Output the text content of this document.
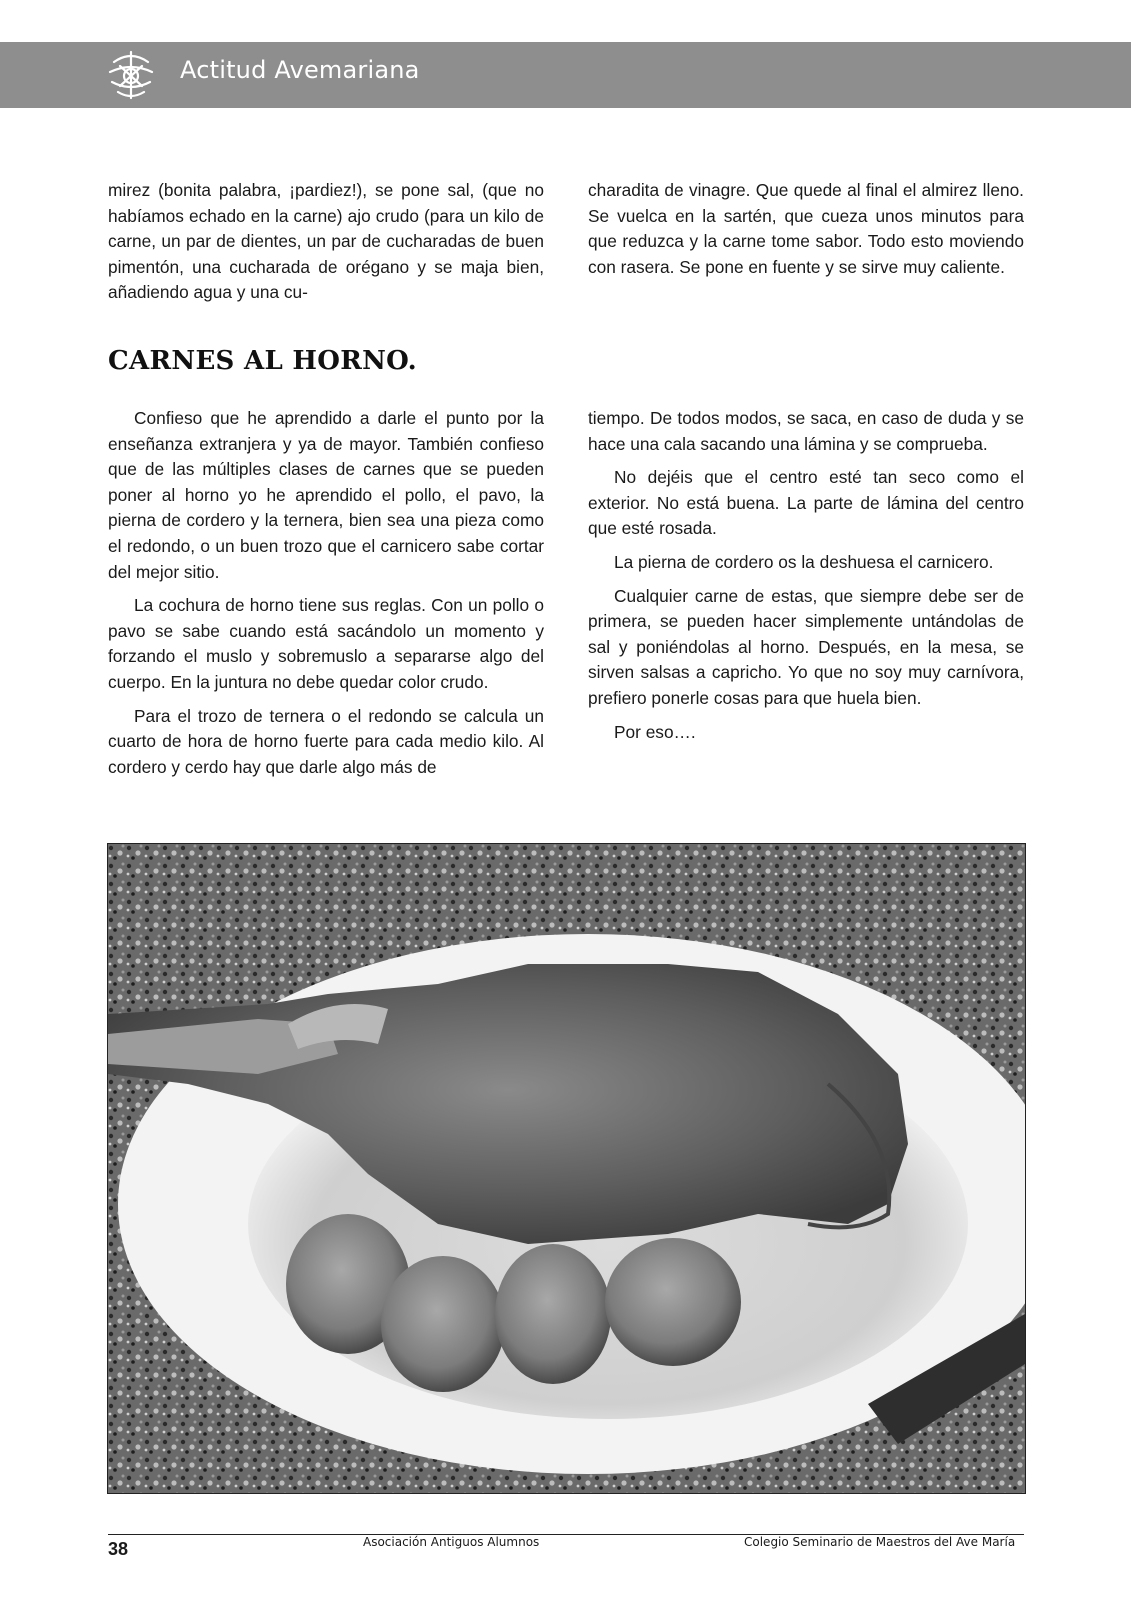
Actitud Avemariana

mirez (bonita palabra, ¡pardiez!), se pone sal, (que no habíamos echado en la carne) ajo crudo (para un kilo de carne, un par de dientes, un par de cucharadas de buen pimentón, una cucharada de orégano y se maja bien, añadiendo agua y una cu-

charadita de vinagre. Que quede al final el almirez lleno. Se vuelca en la sartén, que cueza unos minutos para que reduzca y la carne tome sabor. Todo esto moviendo con rasera. Se pone en fuente y se sirve muy caliente.

CARNES AL HORNO.

Confieso que he aprendido a darle el punto por la enseñanza extranjera y ya de mayor. También confieso que de las múltiples clases de carnes que se pueden poner al horno yo he aprendido el pollo, el pavo, la pierna de cordero y la ternera, bien sea una pieza como el redondo, o un buen trozo que el carnicero sabe cortar del mejor sitio.

La cochura de horno tiene sus reglas. Con un pollo o pavo se sabe cuando está sacándolo un momento y forzando el muslo y sobremuslo a separarse algo del cuerpo. En la juntura no debe quedar color crudo.

Para el trozo de ternera o el redondo se calcula un cuarto de hora de horno fuerte para cada medio kilo. Al cordero y cerdo hay que darle algo más de

tiempo. De todos modos, se saca, en caso de duda y se hace una cala sacando una lámina y se comprueba.

No dejéis que el centro esté tan seco como el exterior. No está buena. La parte de lámina del centro que esté rosada.

La pierna de cordero os la deshuesa el carnicero.

Cualquier carne de estas, que siempre debe ser de primera, se pueden hacer simplemente untándolas de sal y poniéndolas al horno. Después, en la mesa, se sirven salsas a capricho. Yo que no soy muy carnívora, prefiero ponerle cosas para que huela bien.

Por eso….

38	Asociación Antiguos Alumnos	Colegio Seminario de Maestros del Ave María
